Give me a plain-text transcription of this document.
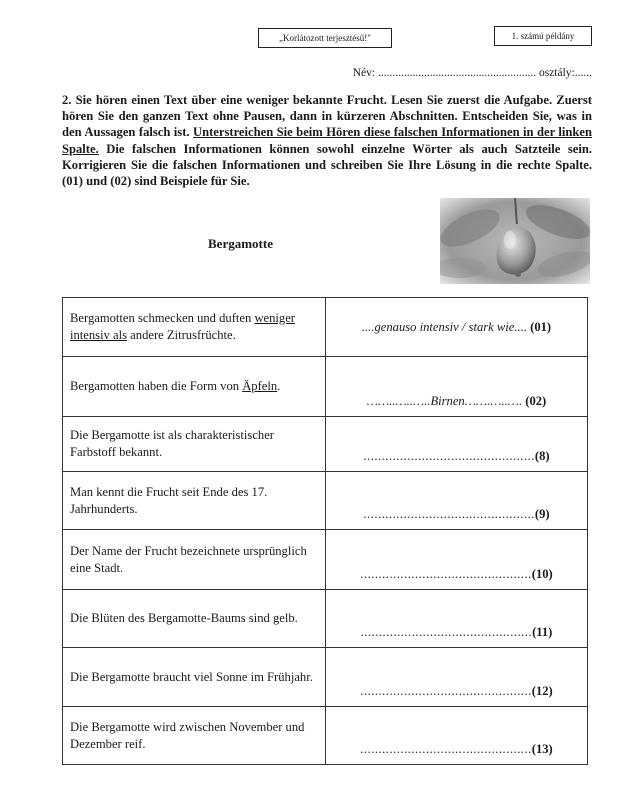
„Korlátozott terjesztésű!"	1. számú példány
Név: ....................................................... osztály:......

2. Sie hören einen Text über eine weniger bekannte Frucht. Lesen Sie zuerst die Aufgabe. Zuerst hören Sie den ganzen Text ohne Pausen, dann in kürzeren Abschnitten. Entscheiden Sie, was in den Aussagen falsch ist. Unterstreichen Sie beim Hören diese falschen Informationen in der linken Spalte. Die falschen Informationen können sowohl einzelne Wörter als auch Satzteile sein. Korrigieren Sie die falschen Informationen und schreiben Sie Ihre Lösung in die rechte Spalte. (01) und (02) sind Beispiele für Sie.

Bergamotte
Bergamotten schmecken und duften weniger intensiv als andere Zitrusfrüchte.	....genauso intensiv / stark wie.... (01)
Bergamotten haben die Form von Äpfeln.	……..…..…..Birnen…….…..…. (02)
Die Bergamotte ist als charakteristischer Farbstoff bekannt.	...............................................(8)
Man kennt die Frucht seit Ende des 17. Jahrhunderts.	...............................................(9)
Der Name der Frucht bezeichnete ursprünglich eine Stadt.	...............................................(10)
Die Blüten des Bergamotte-Baums sind gelb.	...............................................(11)
Die Bergamotte braucht viel Sonne im Frühjahr.	...............................................(12)
Die Bergamotte wird zwischen November und Dezember reif.	...............................................(13)
